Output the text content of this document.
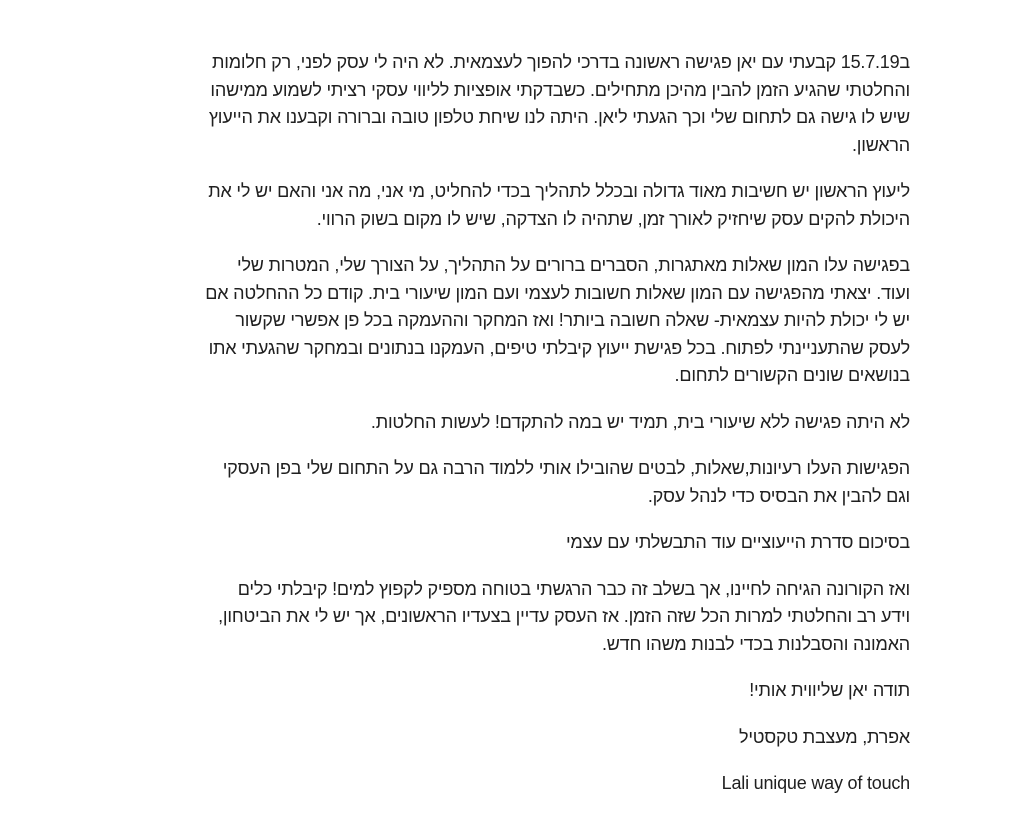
ב15.7.19 קבעתי עם יאן פגישה ראשונה בדרכי להפוך לעצמאית. לא היה לי עסק לפני, רק חלומות
והחלטתי שהגיע הזמן להבין מהיכן מתחילים. כשבדקתי אופציות לליווי עסקי רציתי לשמוע ממישהו
שיש לו גישה גם לתחום שלי וכך הגעתי ליאן. היתה לנו שיחת טלפון טובה וברורה וקבענו את הייעוץ
הראשון.
ליעוץ הראשון יש חשיבות מאוד גדולה ובכלל לתהליך בכדי להחליט, מי אני, מה אני והאם יש לי את
היכולת להקים עסק שיחזיק לאורך זמן, שתהיה לו הצדקה, שיש לו מקום בשוק הרווי.
בפגישה עלו המון שאלות מאתגרות, הסברים ברורים על התהליך, על הצורך שלי, המטרות שלי
ועוד. יצאתי מהפגישה עם המון שאלות חשובות לעצמי ועם המון שיעורי בית. קודם כל ההחלטה אם
יש לי יכולת להיות עצמאית- שאלה חשובה ביותר! ואז המחקר וההעמקה בכל פן אפשרי שקשור
לעסק שהתעניינתי לפתוח. בכל פגישת ייעוץ קיבלתי טיפים, העמקנו בנתונים ובמחקר שהגעתי אתו
בנושאים שונים הקשורים לתחום.
לא היתה פגישה ללא שיעורי בית, תמיד יש במה להתקדם! לעשות החלטות.
הפגישות העלו רעיונות,שאלות, לבטים שהובילו אותי ללמוד הרבה גם על התחום שלי בפן העסקי
וגם להבין את הבסיס כדי לנהל עסק.
בסיכום סדרת הייעוציים עוד התבשלתי עם עצמי
ואז הקורונה הגיחה לחיינו, אך בשלב זה כבר הרגשתי בטוחה מספיק לקפוץ למים! קיבלתי כלים
וידע רב והחלטתי למרות הכל שזה הזמן. אז העסק עדיין בצעדיו הראשונים, אך יש לי את הביטחון,
האמונה והסבלנות בכדי לבנות משהו חדש.
תודה יאן שליווית אותי!
אפרת, מעצבת טקסטיל
Lali unique way of touch
